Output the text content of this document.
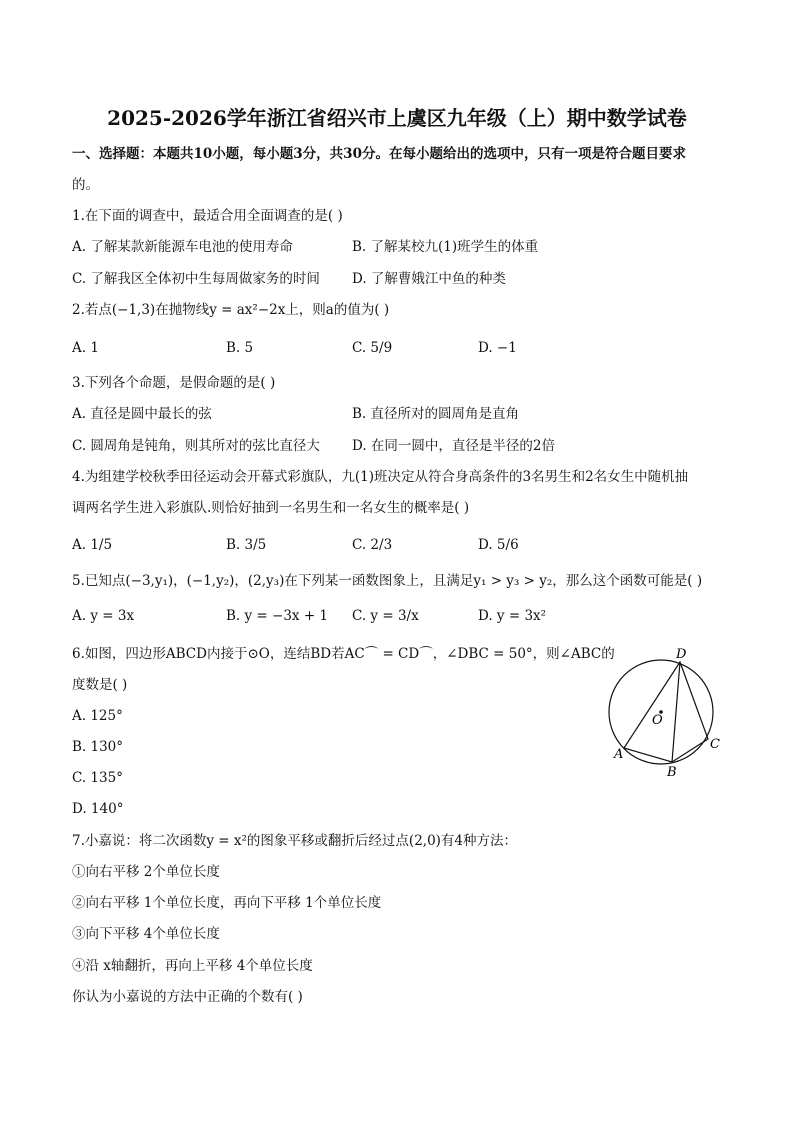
2025-2026学年浙江省绍兴市上虞区九年级（上）期中数学试卷
一、选择题：本题共10小题，每小题3分，共30分。在每小题给出的选项中，只有一项是符合题目要求
的。
1.在下面的调查中，最适合用全面调查的是( )
A. 了解某款新能源车电池的使用寿命	B. 了解某校九(1)班学生的体重
C. 了解我区全体初中生每周做家务的时间 D. 了解曹娥江中鱼的种类
2.若点(−1,3)在抛物线y = ax²−2x上，则a的值为( )
A. 1	B. 5	C. 5/9	D. −1
3.下列各个命题，是假命题的是( )
A. 直径是圆中最长的弦	B. 直径所对的圆周角是直角
C. 圆周角是钝角，则其所对的弦比直径大 D. 在同一圆中，直径是半径的2倍
4.为组建学校秋季田径运动会开幕式彩旗队，九(1)班决定从符合身高条件的3名男生和2名女生中随机抽
调两名学生进入彩旗队.则恰好抽到一名男生和一名女生的概率是( )
A. 1/5	B. 3/5	C. 2/3	D. 5/6
5.已知点(−3,y₁)，(−1,y₂)，(2,y₃)在下列某一函数图象上，且满足y₁ > y₃ > y₂，那么这个函数可能是( )
A. y = 3x	B. y = −3x + 1 C. y = 3/x	D. y = 3x²
6.如图，四边形ABCD内接于⊙O，连结BD若AC⌒ = CD⌒，∠DBC = 50°，则∠ABC的
度数是( )
A. 125°
B. 130°
C. 135°
D. 140°
D
O
A
B
C
7.小嘉说：将二次函数y = x²的图象平移或翻折后经过点(2,0)有4种方法：
①向右平移 2个单位长度
②向右平移 1个单位长度，再向下平移 1个单位长度
③向下平移 4个单位长度
④沿 x轴翻折，再向上平移 4个单位长度
你认为小嘉说的方法中正确的个数有( )
